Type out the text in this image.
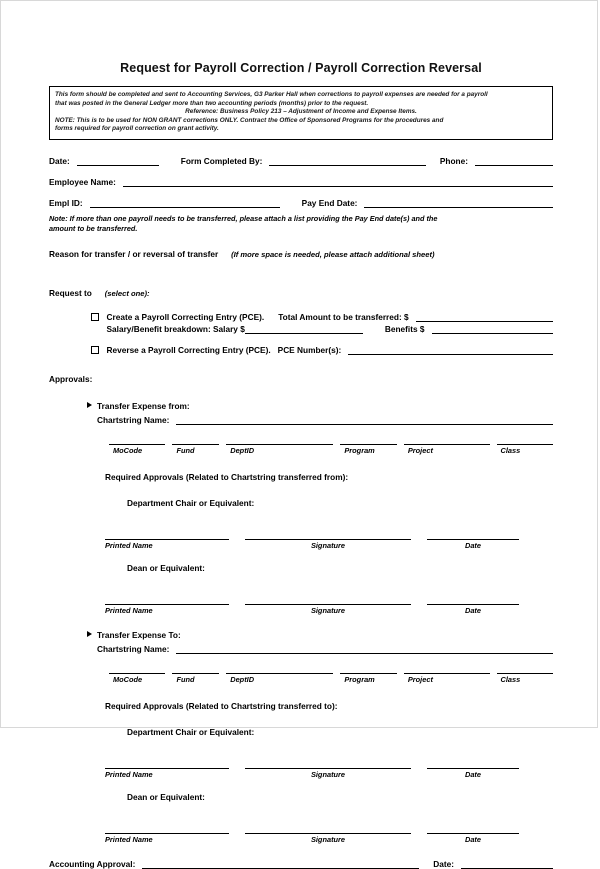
Request for Payroll Correction / Payroll Correction Reversal
This form should be completed and sent to Accounting Services, G3 Parker Hall when corrections to payroll expenses are needed for a payroll
that was posted in the General Ledger more than two accounting periods (months) prior to the request.
Reference: Business Policy 213 – Adjustment of Income and Expense Items.
NOTE: This is to be used for NON GRANT corrections ONLY. Contract the Office of Sponsored Programs for the procedures and
forms required for payroll correction on grant activity.
Date:	Form Completed By:	Phone:
Employee Name:
Empl ID:	Pay End Date:
Note: If more than one payroll needs to be transferred, please attach a list providing the Pay End date(s) and the
amount to be transferred.
Reason for transfer / or reversal of transfer (If more space is needed, please attach additional sheet)
Request to (select one):
Create a Payroll Correcting Entry (PCE). Total Amount to be transferred: $
Salary/Benefit breakdown: Salary $	Benefits $
Reverse a Payroll Correcting Entry (PCE). PCE Number(s):
Approvals:
Transfer Expense from:
Chartstring Name:
MoCode	Fund	DeptID	Program	Project	Class
Required Approvals (Related to Chartstring transferred from):
Department Chair or Equivalent:
Printed Name	Signature	Date
Dean or Equivalent:
Printed Name	Signature	Date
Transfer Expense To:
Chartstring Name:
MoCode	Fund	DeptID	Program	Project	Class
Required Approvals (Related to Chartstring transferred to):
Department Chair or Equivalent:
Printed Name	Signature	Date
Dean or Equivalent:
Printed Name	Signature	Date
Accounting Approval:	Date:
